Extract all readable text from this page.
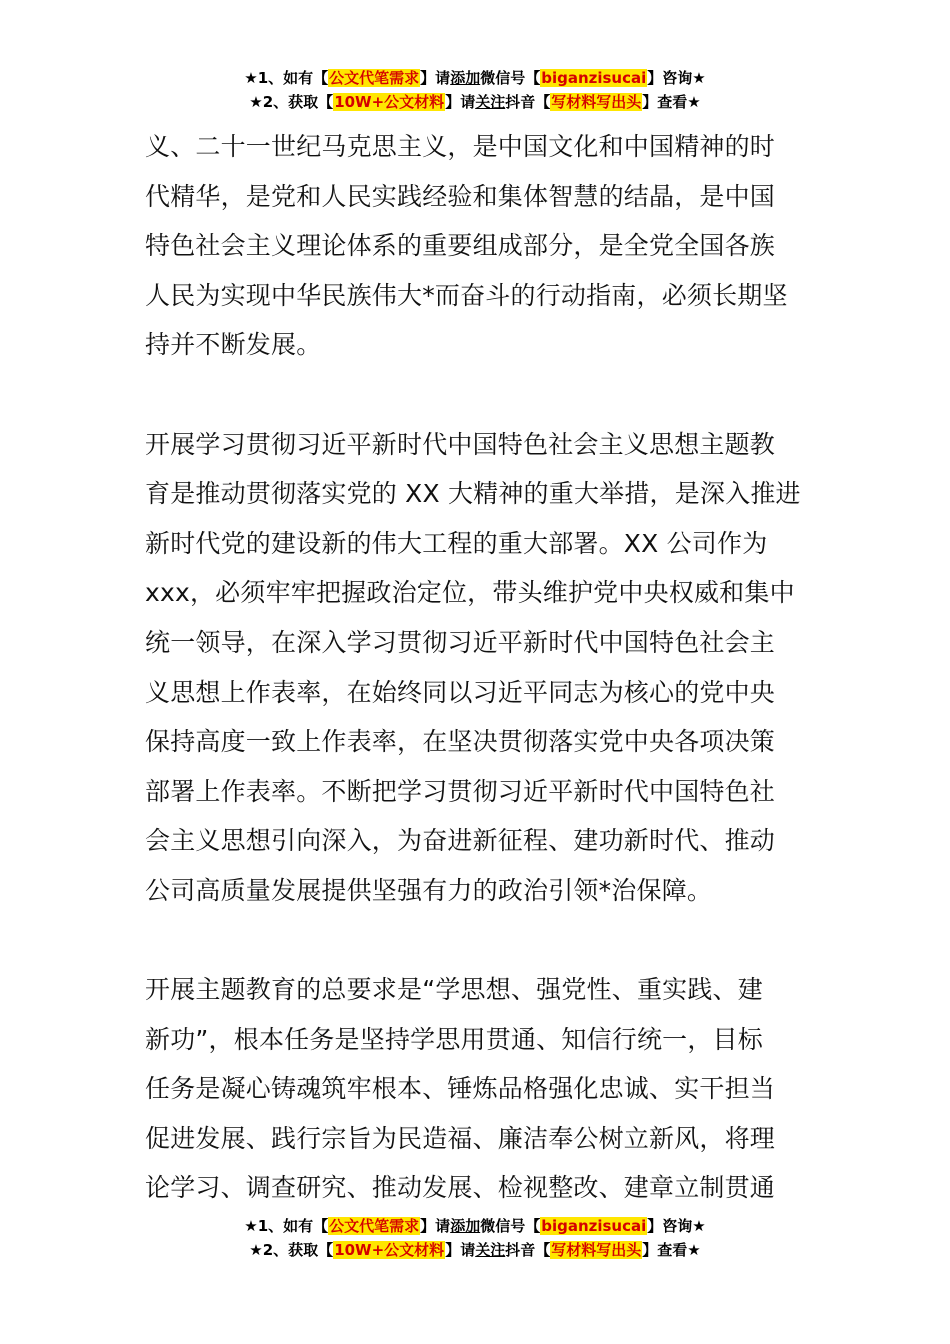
★1、如有【公文代笔需求】请添加微信号【biganzisucai】咨询★
★2、获取【10W+公文材料】请关注抖音【写材料写出头】查看★

义、二十一世纪马克思主义，是中国文化和中国精神的时
代精华，是党和人民实践经验和集体智慧的结晶，是中国
特色社会主义理论体系的重要组成部分，是全党全国各族
人民为实现中华民族伟大*而奋斗的行动指南，必须长期坚
持并不断发展。

开展学习贯彻习近平新时代中国特色社会主义思想主题教
育是推动贯彻落实党的 XX 大精神的重大举措，是深入推进
新时代党的建设新的伟大工程的重大部署。XX 公司作为
xxx，必须牢牢把握政治定位，带头维护党中央权威和集中
统一领导，在深入学习贯彻习近平新时代中国特色社会主
义思想上作表率，在始终同以习近平同志为核心的党中央
保持高度一致上作表率，在坚决贯彻落实党中央各项决策
部署上作表率。不断把学习贯彻习近平新时代中国特色社
会主义思想引向深入，为奋进新征程、建功新时代、推动
公司高质量发展提供坚强有力的政治引领*治保障。

开展主题教育的总要求是“学思想、强党性、重实践、建
新功”，根本任务是坚持学思用贯通、知信行统一，目标
任务是凝心铸魂筑牢根本、锤炼品格强化忠诚、实干担当
促进发展、践行宗旨为民造福、廉洁奉公树立新风，将理
论学习、调查研究、推动发展、检视整改、建章立制贯通

★1、如有【公文代笔需求】请添加微信号【biganzisucai】咨询★
★2、获取【10W+公文材料】请关注抖音【写材料写出头】查看★
